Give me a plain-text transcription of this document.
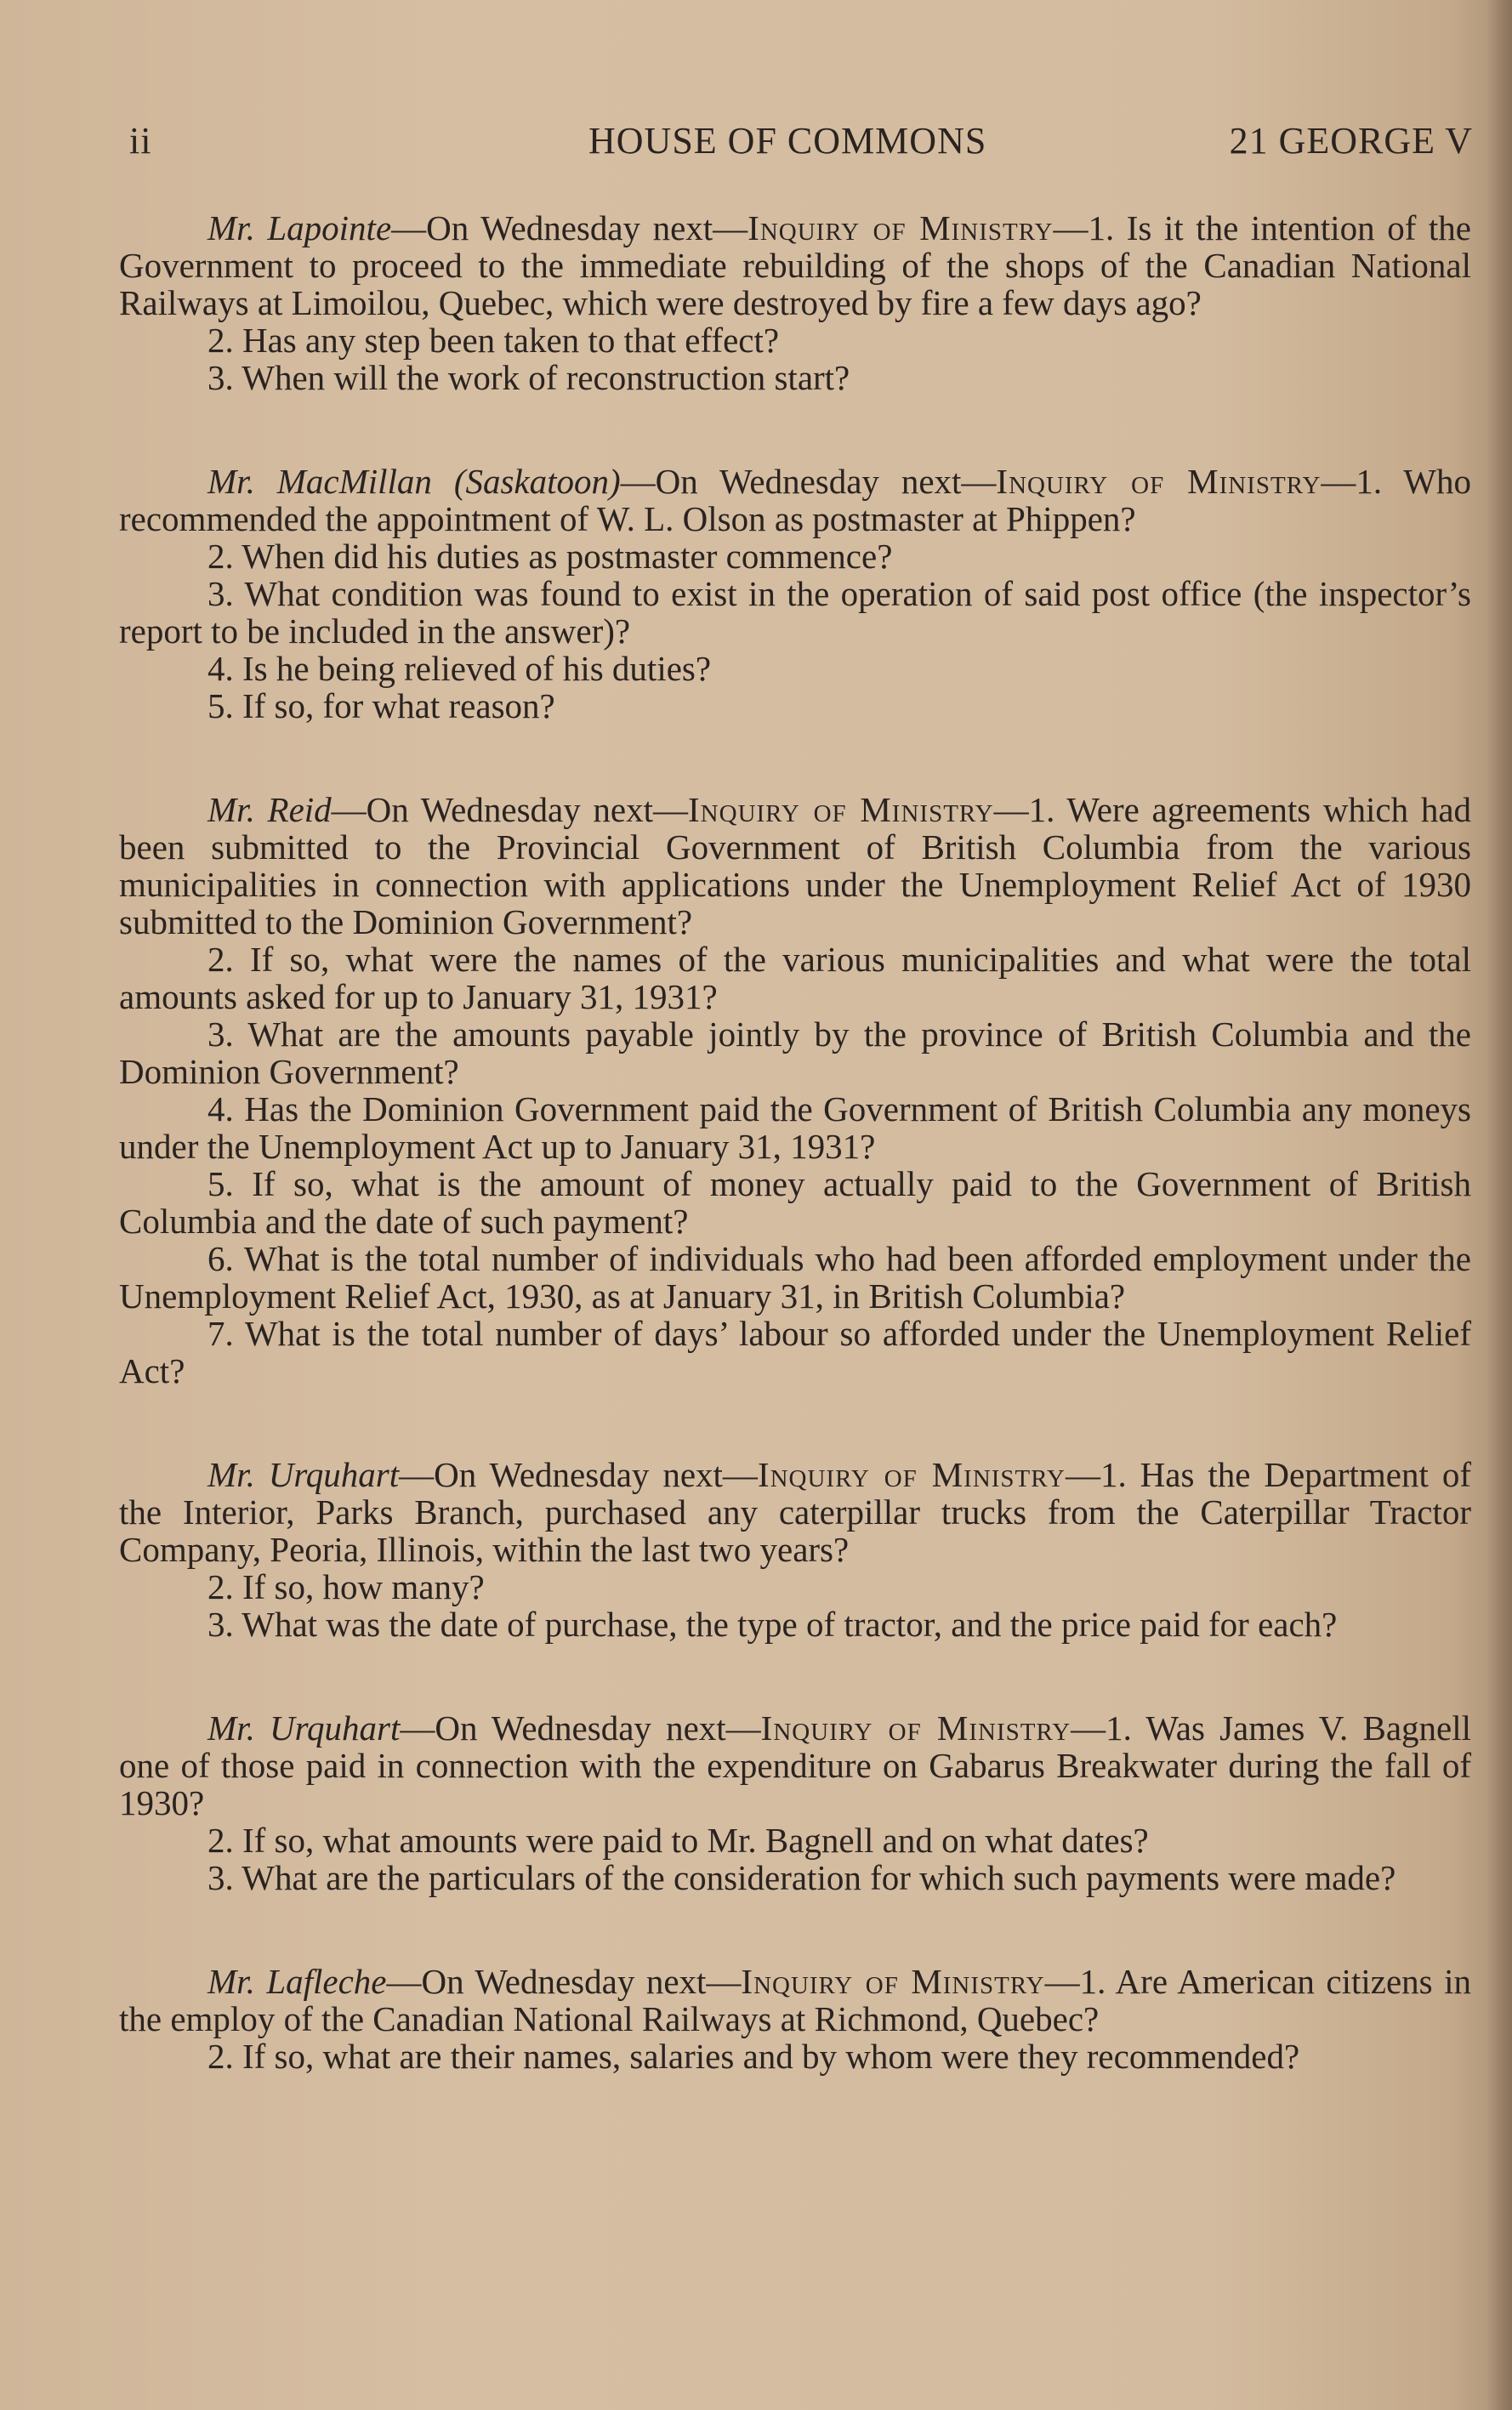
ii	HOUSE OF COMMONS	21 GEORGE V

Mr. Lapointe—On Wednesday next—Inquiry of Ministry—1. Is it the intention of the Government to proceed to the immediate rebuilding of the shops of the Canadian National Railways at Limoilou, Quebec, which were destroyed by fire a few days ago?

2. Has any step been taken to that effect?

3. When will the work of reconstruction start?

Mr. MacMillan (Saskatoon)—On Wednesday next—Inquiry of Ministry—1. Who recommended the appointment of W. L. Olson as postmaster at Phippen?

2. When did his duties as postmaster commence?

3. What condition was found to exist in the operation of said post office (the inspector’s report to be included in the answer)?

4. Is he being relieved of his duties?

5. If so, for what reason?

Mr. Reid—On Wednesday next—Inquiry of Ministry—1. Were agreements which had been submitted to the Provincial Government of British Columbia from the various municipalities in connection with applications under the Unemployment Relief Act of 1930 submitted to the Dominion Government?

2. If so, what were the names of the various municipalities and what were the total amounts asked for up to January 31, 1931?

3. What are the amounts payable jointly by the province of British Columbia and the Dominion Government?

4. Has the Dominion Government paid the Government of British Columbia any moneys under the Unemployment Act up to January 31, 1931?

5. If so, what is the amount of money actually paid to the Government of British Columbia and the date of such payment?

6. What is the total number of individuals who had been afforded employment under the Unemployment Relief Act, 1930, as at January 31, in British Columbia?

7. What is the total number of days’ labour so afforded under the Unemployment Relief Act?

Mr. Urquhart—On Wednesday next—Inquiry of Ministry—1. Has the Department of the Interior, Parks Branch, purchased any caterpillar trucks from the Caterpillar Tractor Company, Peoria, Illinois, within the last two years?

2. If so, how many?

3. What was the date of purchase, the type of tractor, and the price paid for each?

Mr. Urquhart—On Wednesday next—Inquiry of Ministry—1. Was James V. Bagnell one of those paid in connection with the expenditure on Gabarus Breakwater during the fall of 1930?

2. If so, what amounts were paid to Mr. Bagnell and on what dates?

3. What are the particulars of the consideration for which such payments were made?

Mr. Lafleche—On Wednesday next—Inquiry of Ministry—1. Are American citizens in the employ of the Canadian National Railways at Richmond, Quebec?

2. If so, what are their names, salaries and by whom were they recommended?
